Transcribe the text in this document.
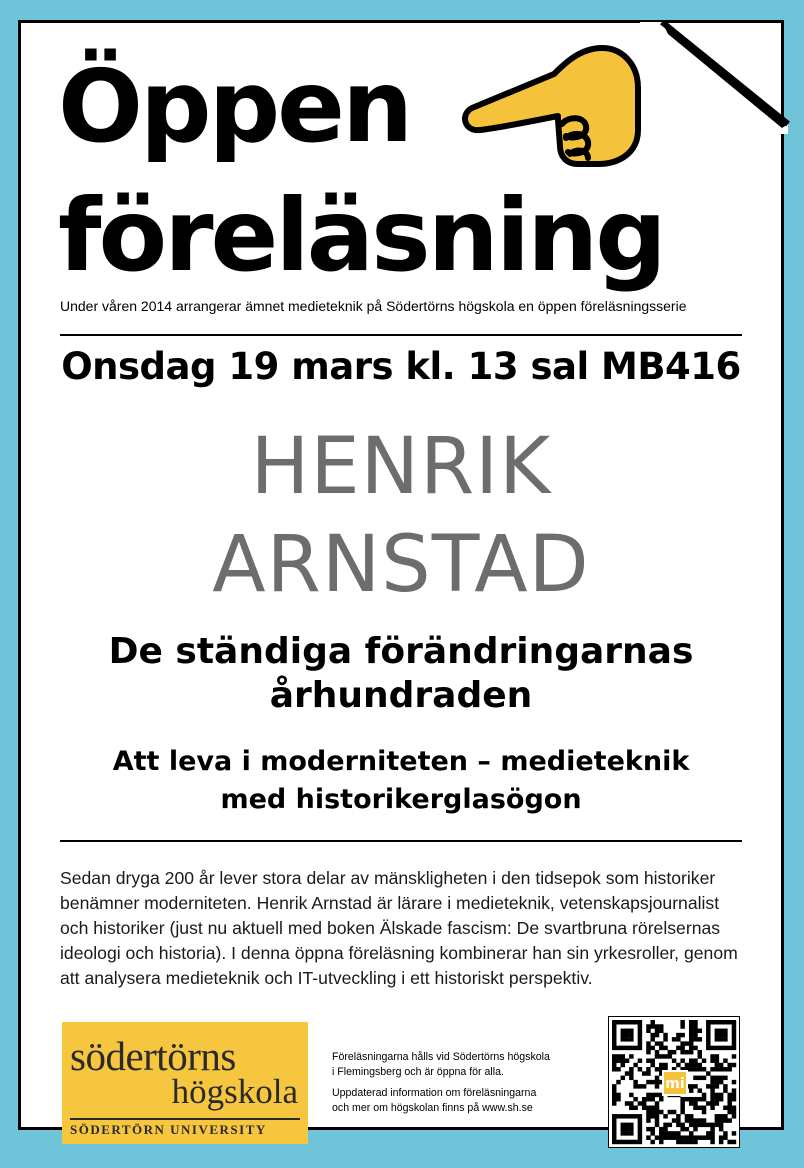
Öppen
föreläsning
Under våren 2014 arrangerar ämnet medieteknik på Södertörns högskola en öppen föreläsningsserie
Onsdag 19 mars kl. 13 sal MB416
HENRIK
ARNSTAD
De ständiga förändringarnas
århundraden
Att leva i moderniteten – medieteknik
med historikerglasögon
Sedan dryga 200 år lever stora delar av mänskligheten i den tidsepok som historiker benämner moderniteten. Henrik Arnstad är lärare i medieteknik, vetenskapsjournalist och historiker (just nu aktuell med boken Älskade fascism: De svartbruna rörelsernas ideologi och historia). I denna öppna föreläsning kombinerar han sin yrkesroller, genom att analysera medieteknik och IT-utveckling i ett historiskt perspektiv.
södertörns
högskola
SÖDERTÖRN UNIVERSITY

Föreläsningarna hålls vid Södertörns högskola

i Flemingsberg och är öppna för alla.

Uppdaterad information om föreläsningarna

och mer om högskolan finns på www.sh.se

mi
